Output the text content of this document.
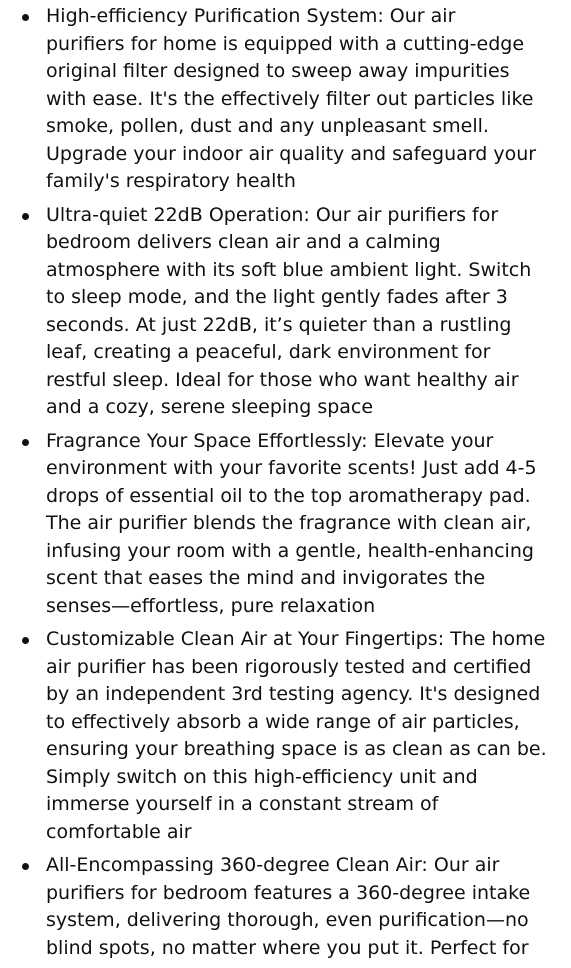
High-efficiency Purification System: Our air
purifiers for home is equipped with a cutting-edge
original filter designed to sweep away impurities
with ease. It's the effectively filter out particles like
smoke, pollen, dust and any unpleasant smell.
Upgrade your indoor air quality and safeguard your
family's respiratory health
Ultra-quiet 22dB Operation: Our air purifiers for
bedroom delivers clean air and a calming
atmosphere with its soft blue ambient light. Switch
to sleep mode, and the light gently fades after 3
seconds. At just 22dB, it’s quieter than a rustling
leaf, creating a peaceful, dark environment for
restful sleep. Ideal for those who want healthy air
and a cozy, serene sleeping space
Fragrance Your Space Effortlessly: Elevate your
environment with your favorite scents! Just add 4-5
drops of essential oil to the top aromatherapy pad.
The air purifier blends the fragrance with clean air,
infusing your room with a gentle, health-enhancing
scent that eases the mind and invigorates the
senses—effortless, pure relaxation
Customizable Clean Air at Your Fingertips: The home
air purifier has been rigorously tested and certified
by an independent 3rd testing agency. It's designed
to effectively absorb a wide range of air particles,
ensuring your breathing space is as clean as can be.
Simply switch on this high-efficiency unit and
immerse yourself in a constant stream of
comfortable air
All-Encompassing 360-degree Clean Air: Our air
purifiers for bedroom features a 360-degree intake
system, delivering thorough, even purification—no
blind spots, no matter where you put it. Perfect for
